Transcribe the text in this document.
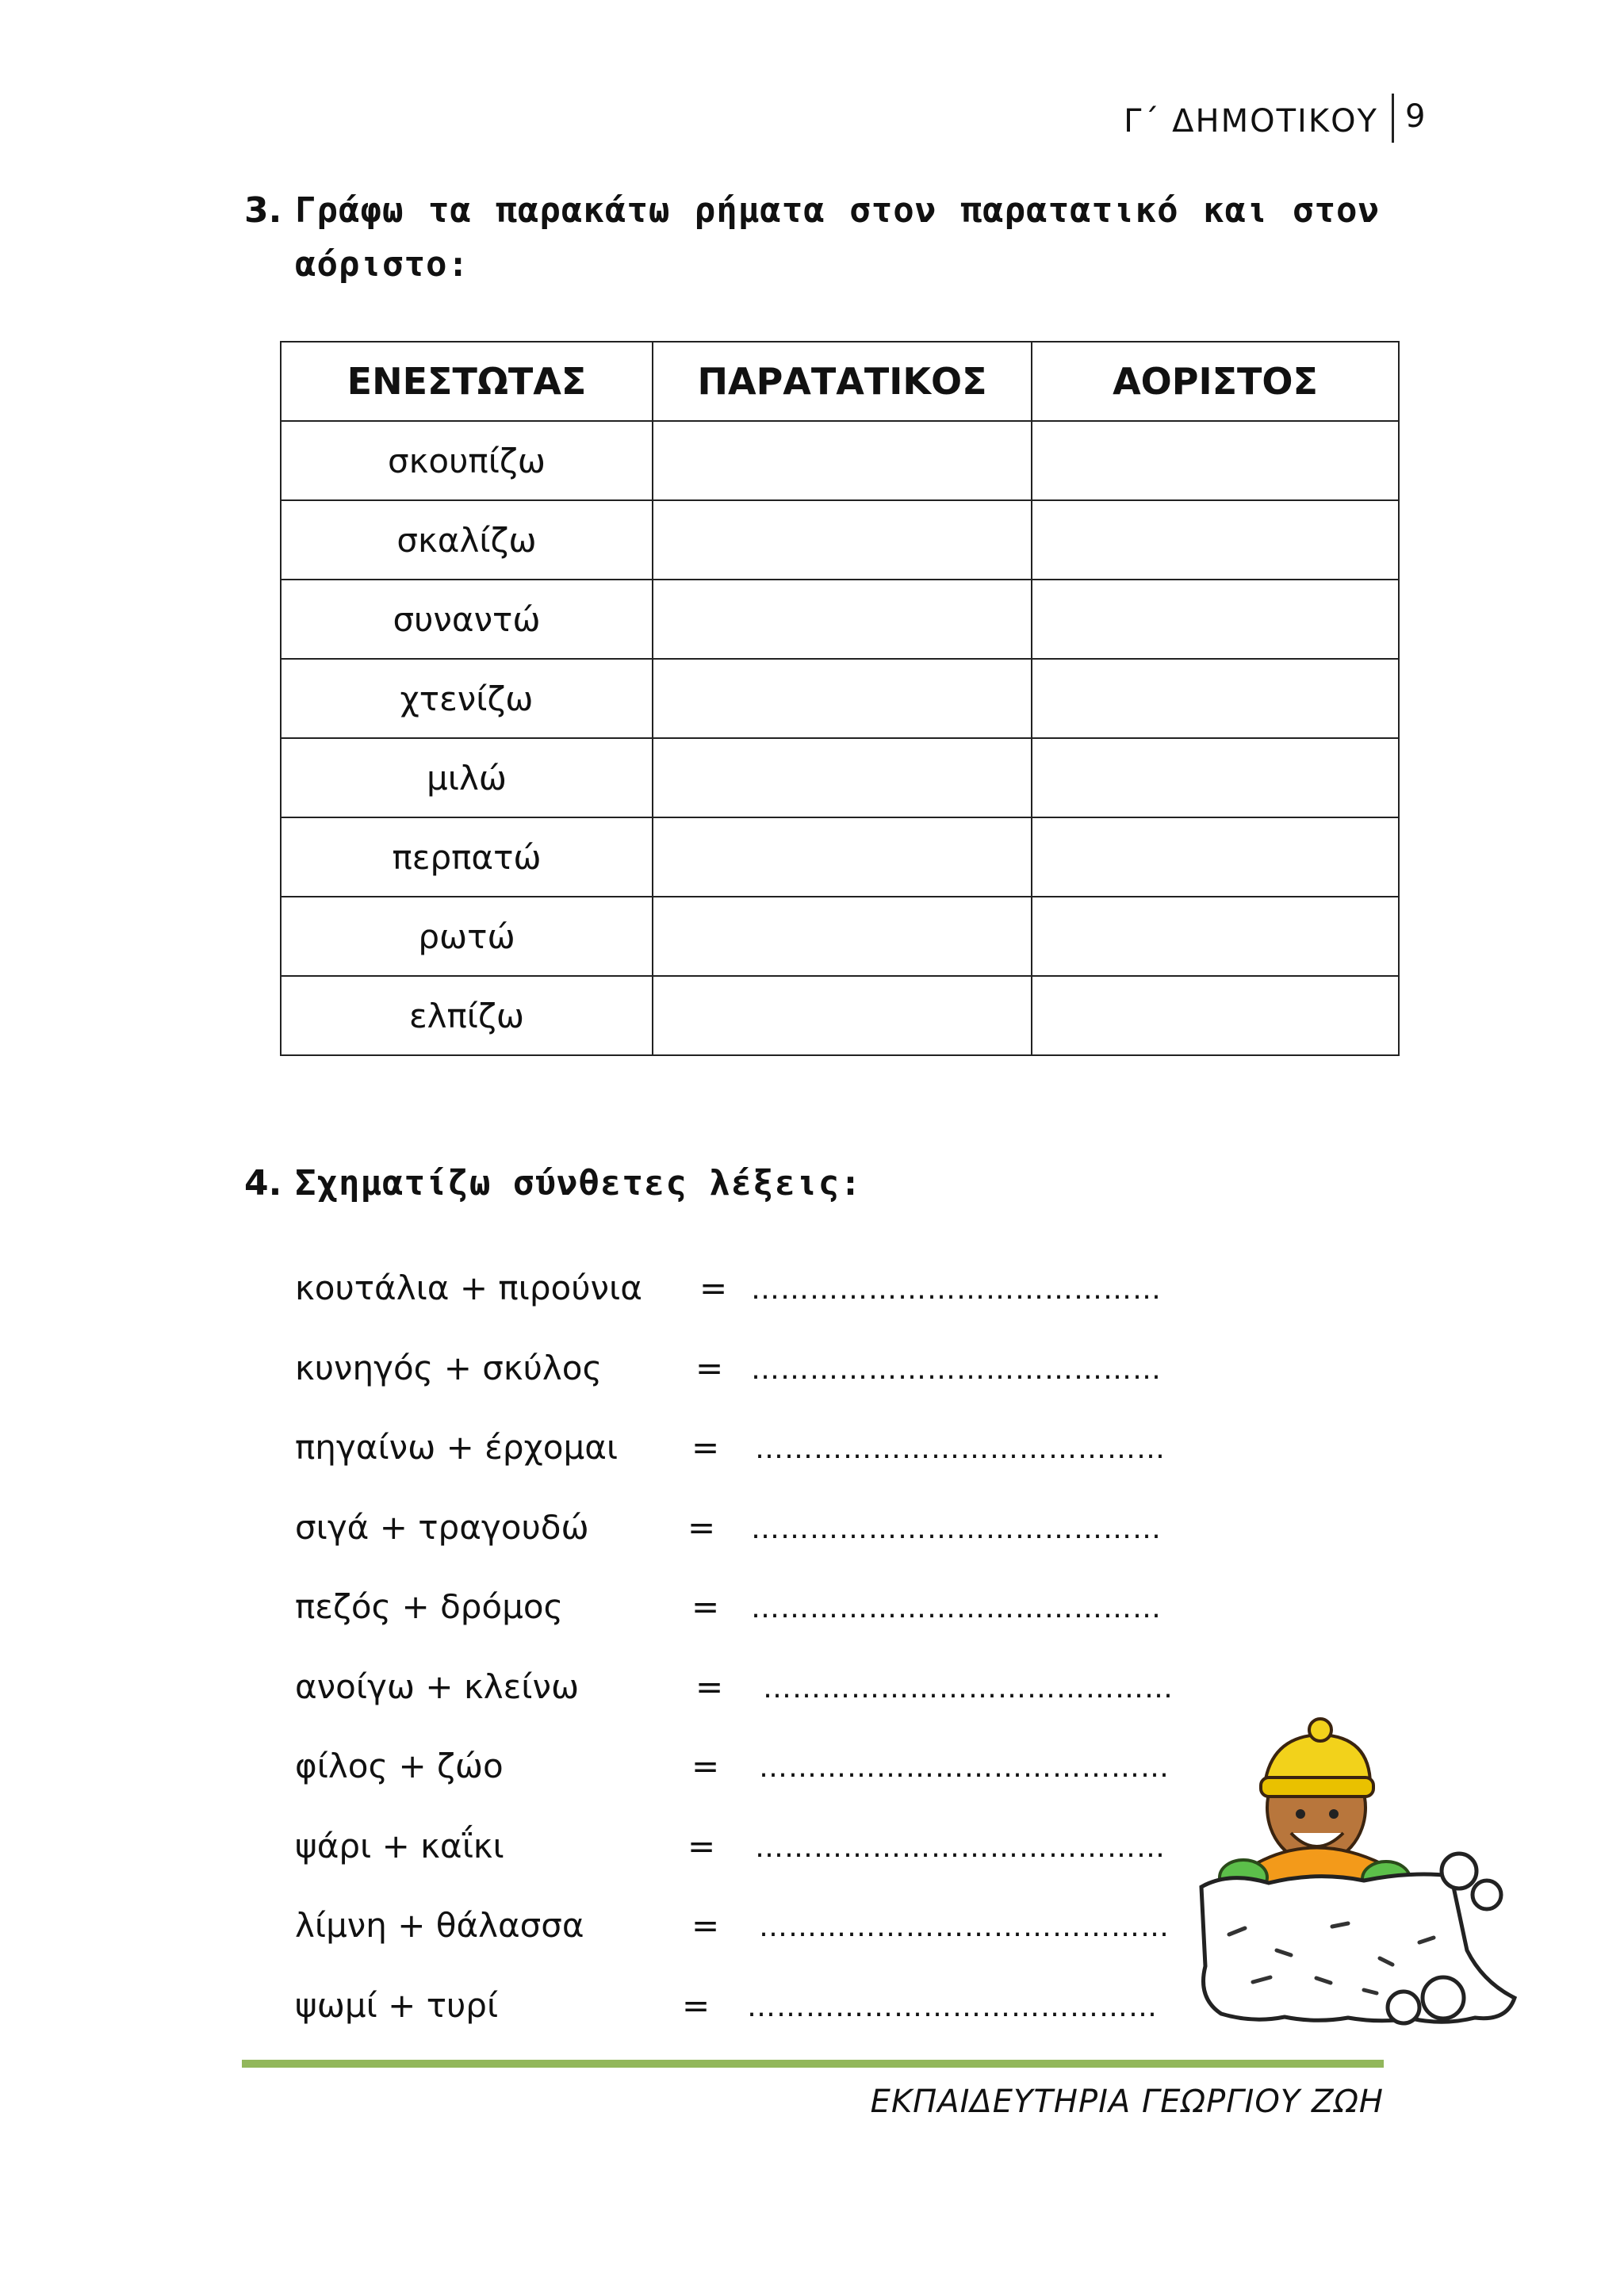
Γ΄ ΔΗΜΟΤΙΚΟΥ 9
3. Γράφω τα παρακάτω ρήματα στον παρατατικό και στον
αόριστο:
ΕΝΕΣΤΩΤΑΣ	ΠΑΡΑΤΑΤΙΚΟΣ	ΑΟΡΙΣΤΟΣ
σκουπίζω		
σκαλίζω		
συναντώ		
χτενίζω		
μιλώ		
περπατώ		
ρωτώ		
ελπίζω		
4. Σχηματίζω σύνθετες λέξεις:
κουτάλια + πιρούνια = ……………………………………
κυνηγός + σκύλος	= ……………………………………
πηγαίνω + έρχομαι = ……………………………………
σιγά + τραγουδώ	= ……………………………………
πεζός + δρόμος	= ……………………………………
ανοίγω + κλείνω	= ……………………………………
φίλος + ζώο	= ……………………………………
ψάρι + καΐκι	= ……………………………………
λίμνη + θάλασσα	= ……………………………………
ψωμί + τυρί	= ……………………………………
ΕΚΠΑΙΔΕΥΤΗΡΙΑ ΓΕΩΡΓΙΟΥ ΖΩΗ
